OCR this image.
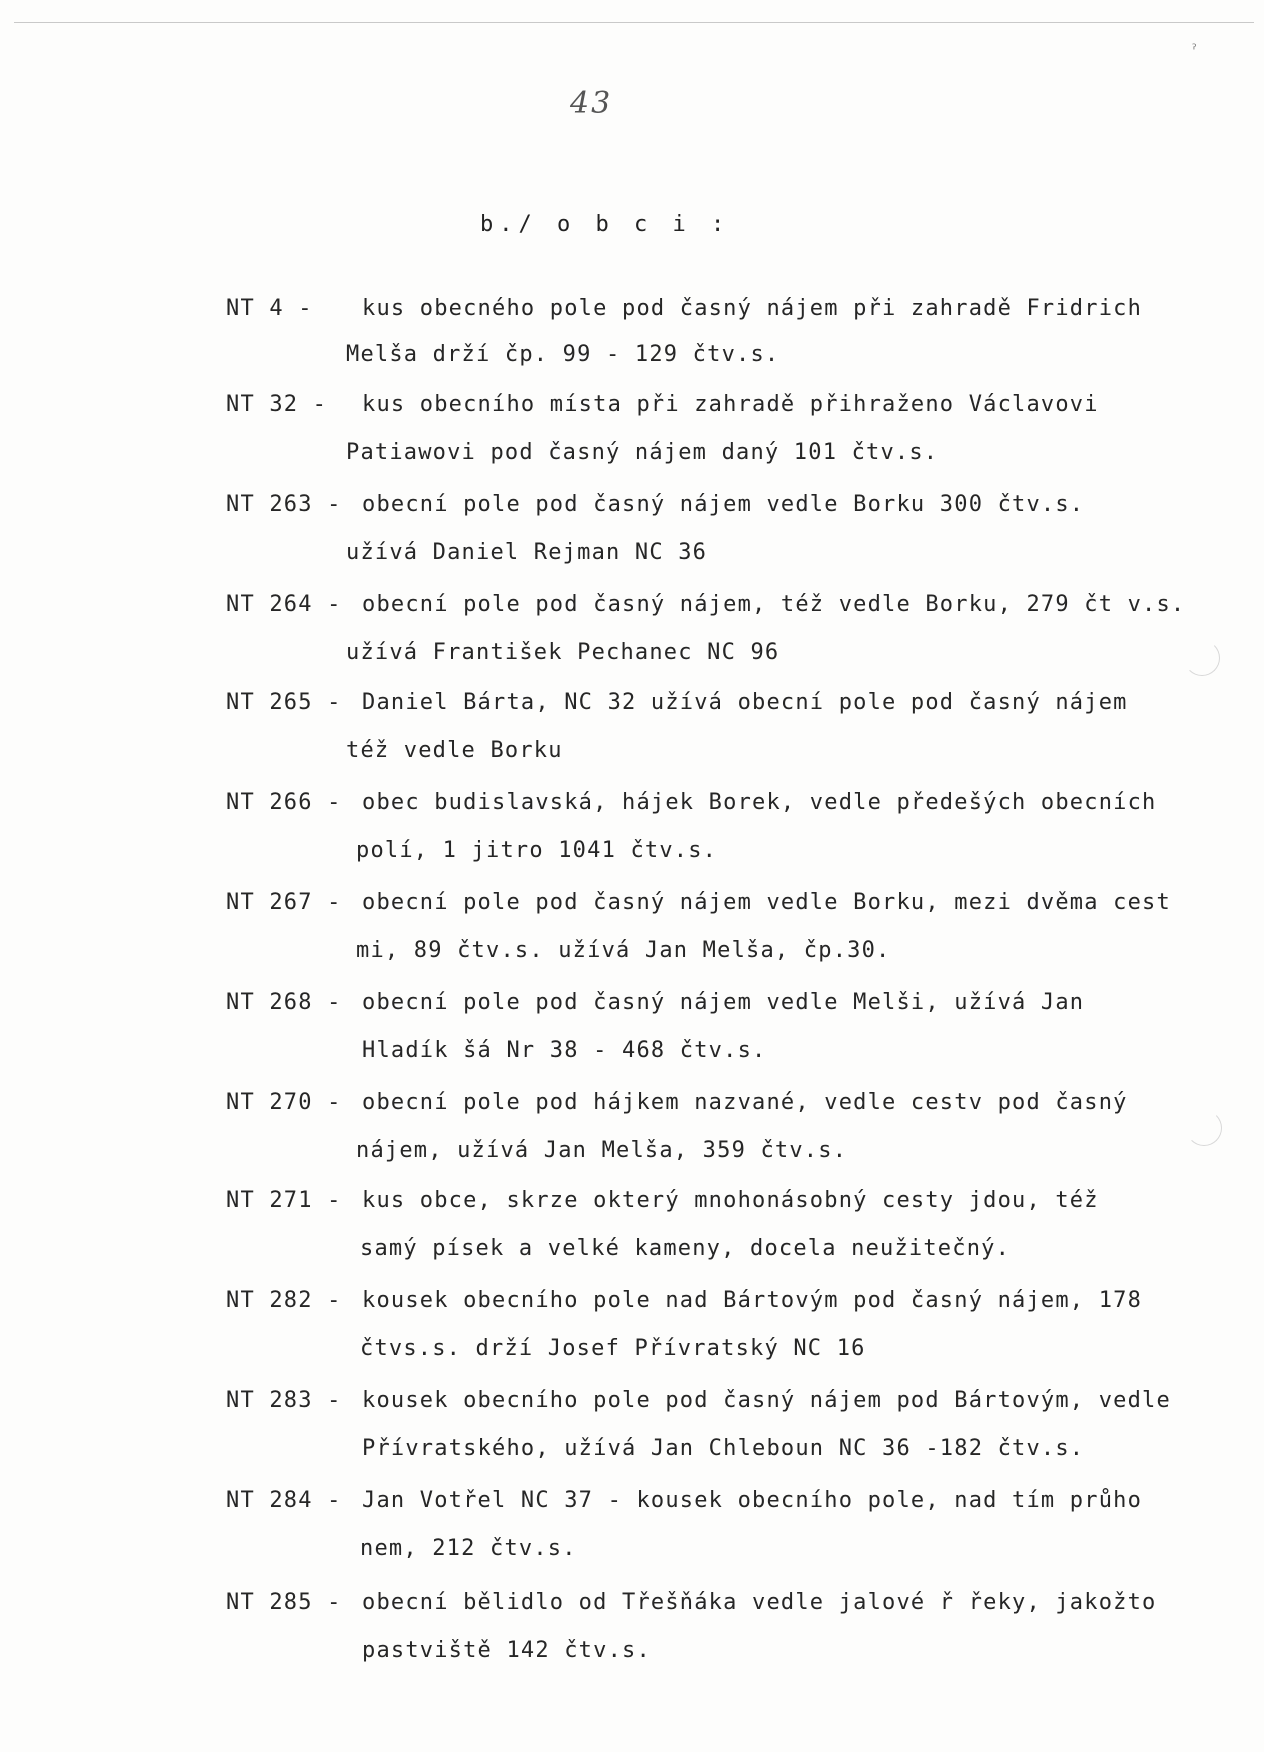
ˀ
43
b./ o b c i :
NT 4 - kus obecného pole pod časný nájem při zahradě Fridrich
Melša drží čp. 99 - 129 čtv.s.
NT 32 - kus obecního místa při zahradě přihraženo Václavovi
Patiawovi pod časný nájem daný 101 čtv.s.
NT 263 - obecní pole pod časný nájem vedle Borku 300 čtv.s.
užívá Daniel Rejman NC 36
NT 264 - obecní pole pod časný nájem, též vedle Borku, 279 čt v.s.
užívá František Pechanec NC 96
NT 265 - Daniel Bárta, NC 32 užívá obecní pole pod časný nájem
též vedle Borku
NT 266 - obec budislavská, hájek Borek, vedle předešých obecních
polí, 1 jitro 1041 čtv.s.
NT 267 - obecní pole pod časný nájem vedle Borku, mezi dvěma cest
mi, 89 čtv.s. užívá Jan Melša, čp.30.
NT 268 - obecní pole pod časný nájem vedle Melši, užívá Jan
Hladík šá Nr 38 - 468 čtv.s.
NT 270 - obecní pole pod hájkem nazvané, vedle cestv pod časný
nájem, užívá Jan Melša, 359 čtv.s.
NT 271 - kus obce, skrze okterý mnohonásobný cesty jdou, též
samý písek a velké kameny, docela neužitečný.
NT 282 - kousek obecního pole nad Bártovým pod časný nájem, 178
čtvs.s. drží Josef Přívratský NC 16
NT 283 - kousek obecního pole pod časný nájem pod Bártovým, vedle
Přívratského, užívá Jan Chleboun NC 36 -182 čtv.s.
NT 284 - Jan Votřel NC 37 - kousek obecního pole, nad tím průho
nem, 212 čtv.s.
NT 285 - obecní bělidlo od Třešňáka vedle jalové ř řeky, jakožto
pastviště 142 čtv.s.
